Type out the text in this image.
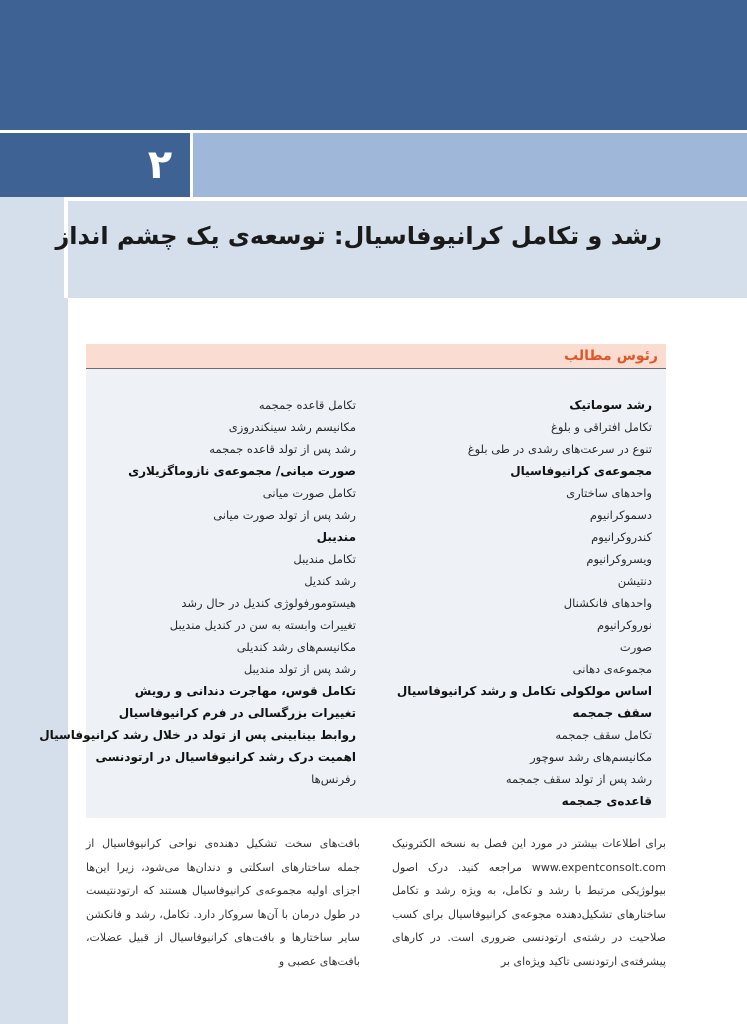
۲
رشد و تکامل کرانیوفاسیال: توسعه‌ی یک چشم انداز
رئوس مطالب
رشد سوماتیک
تکامل افتراقی و بلوغ
تنوع در سرعت‌های رشدی در طی بلوغ
مجموعه‌ی کرانیوفاسیال
واحدهای ساختاری
دسموکرانیوم
کندروکرانیوم
ویسروکرانیوم
دنتیشن
واحدهای فانکشنال
نوروکرانیوم
صورت
مجموعه‌ی دهانی
اساس مولکولی تکامل و رشد کرانیوفاسیال
سقف جمجمه
تکامل سقف جمجمه
مکانیسم‌های رشد سوچور
رشد پس از تولد سقف جمجمه
قاعده‌ی جمجمه
تکامل قاعده جمجمه
مکانیسم رشد سینکندروزی
رشد پس از تولد قاعده جمجمه
صورت میانی/ مجموعه‌ی نازوماگزیلاری
تکامل صورت میانی
رشد پس از تولد صورت میانی
مندیبل
تکامل مندیبل
رشد کندیل
هیستومورفولوژی کندیل در حال رشد
تغییرات وابسته به سن در کندیل مندیبل
مکانیسم‌های رشد کندیلی
رشد پس از تولد مندیبل
تکامل قوس، مهاجرت دندانی و رویش
تغییرات بزرگسالی در فرم کرانیوفاسیال
روابط بینابینی پس از تولد در خلال رشد کرانیوفاسیال
اهمیت درک رشد کرانیوفاسیال در ارتودنسی
رفرنس‌ها
برای اطلاعات بیشتر در مورد این فصل به نسخه الکترونیک www.expentconsolt.com مراجعه کنید. درک اصول بیولوژیکی مرتبط با رشد و تکامل، به ویژه رشد و تکامل ساختارهای تشکیل‌دهنده مجوعه‌ی کرانیوفاسیال برای کسب صلاحیت در رشته‌ی ارتودنسی ضروری است. در کارهای پیشرفته‌ی ارتودنسی تاکید ویژه‌ای بر
بافت‌های سخت تشکیل دهنده‌ی نواحی کرانیوفاسیال از جمله ساختارهای اسکلتی و دندان‌ها می‌شود، زیرا این‌ها اجزای اولیه مجموعه‌ی کرانیوفاسیال هستند که ارتودنتیست در طول درمان با آن‌ها سروکار دارد. تکامل، رشد و فانکشن سایر ساختارها و بافت‌های کرانیوفاسیال از قبیل عضلات، بافت‌های عصبی و
